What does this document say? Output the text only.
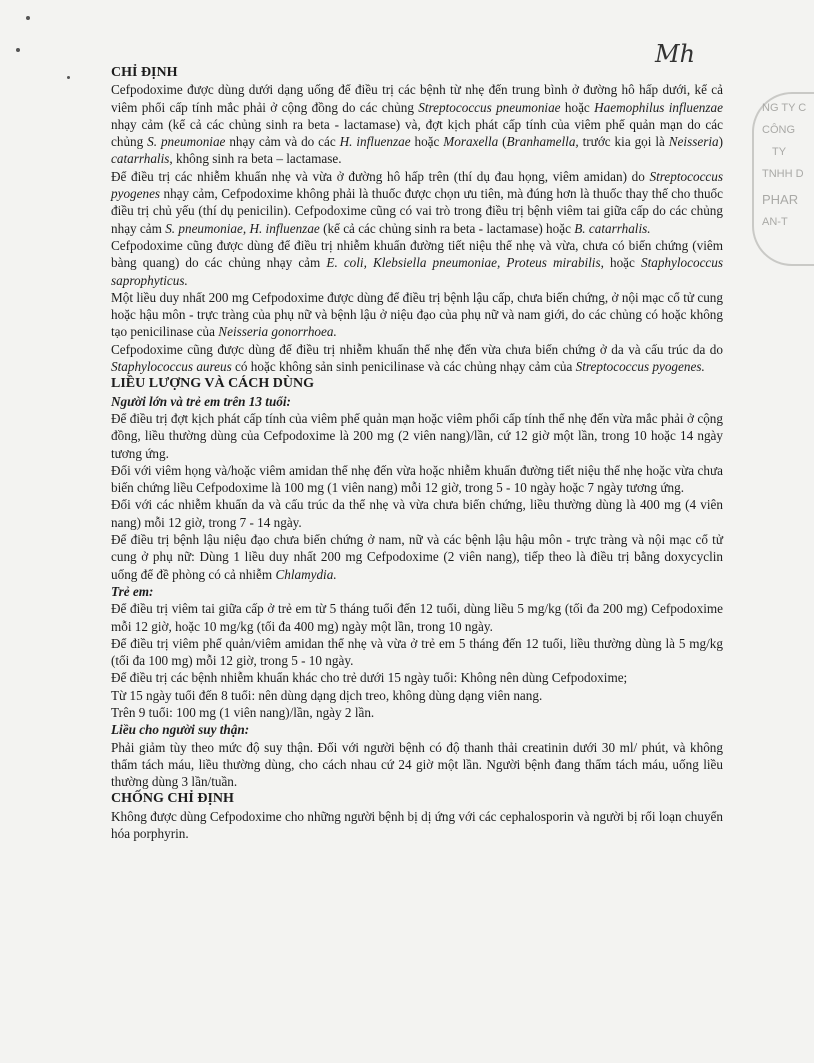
Mh
NG TY C
CÔNG
TY
TNHH D
PHAR
AN-T

CHỈ ĐỊNH

Cefpodoxime được dùng dưới dạng uống để điều trị các bệnh từ nhẹ đến trung bình ở đường hô hấp dưới, kể cả viêm phổi cấp tính mắc phải ở cộng đồng do các chủng Streptococcus pneumoniae hoặc Haemophilus influenzae nhạy cảm (kể cả các chủng sinh ra beta - lactamase) và, đợt kịch phát cấp tính của viêm phế quản mạn do các chủng S. pneumoniae nhạy cảm và do các H. influenzae hoặc Moraxella (Branhamella, trước kia gọi là Neisseria) catarrhalis, không sinh ra beta – lactamase.

Để điều trị các nhiễm khuẩn nhẹ và vừa ở đường hô hấp trên (thí dụ đau họng, viêm amidan) do Streptococcus pyogenes nhạy cảm, Cefpodoxime không phải là thuốc được chọn ưu tiên, mà đúng hơn là thuốc thay thế cho thuốc điều trị chủ yếu (thí dụ penicilin). Cefpodoxime cũng có vai trò trong điều trị bệnh viêm tai giữa cấp do các chủng nhạy cảm S. pneumoniae, H. influenzae (kể cả các chủng sinh ra beta - lactamase) hoặc B. catarrhalis.

Cefpodoxime cũng được dùng để điều trị nhiễm khuẩn đường tiết niệu thể nhẹ và vừa, chưa có biến chứng (viêm bàng quang) do các chủng nhạy cảm E. coli, Klebsiella pneumoniae, Proteus mirabilis, hoặc Staphylococcus saprophyticus.

Một liều duy nhất 200 mg Cefpodoxime được dùng để điều trị bệnh lậu cấp, chưa biến chứng, ở nội mạc cổ tử cung hoặc hậu môn - trực tràng của phụ nữ và bệnh lậu ở niệu đạo của phụ nữ và nam giới, do các chủng có hoặc không tạo penicilinase của Neisseria gonorrhoea.

Cefpodoxime cũng được dùng để điều trị nhiễm khuẩn thể nhẹ đến vừa chưa biến chứng ở da và cấu trúc da do Staphylococcus aureus có hoặc không sản sinh penicilinase và các chủng nhạy cảm của Streptococcus pyogenes.

LIỀU LƯỢNG VÀ CÁCH DÙNG

Người lớn và trẻ em trên 13 tuổi:

Để điều trị đợt kịch phát cấp tính của viêm phế quản mạn hoặc viêm phổi cấp tính thể nhẹ đến vừa mắc phải ở cộng đồng, liều thường dùng của Cefpodoxime là 200 mg (2 viên nang)/lần, cứ 12 giờ một lần, trong 10 hoặc 14 ngày tương ứng.

Đối với viêm họng và/hoặc viêm amidan thể nhẹ đến vừa hoặc nhiễm khuẩn đường tiết niệu thể nhẹ hoặc vừa chưa biến chứng liều Cefpodoxime là 100 mg (1 viên nang) mỗi 12 giờ, trong 5 - 10 ngày hoặc 7 ngày tương ứng.

Đối với các nhiễm khuẩn da và cấu trúc da thể nhẹ và vừa chưa biến chứng, liều thường dùng là 400 mg (4 viên nang) mỗi 12 giờ, trong 7 - 14 ngày.

Để điều trị bệnh lậu niệu đạo chưa biến chứng ở nam, nữ và các bệnh lậu hậu môn - trực tràng và nội mạc cổ tử cung ở phụ nữ: Dùng 1 liều duy nhất 200 mg Cefpodoxime (2 viên nang), tiếp theo là điều trị bằng doxycyclin uống để đề phòng có cả nhiễm Chlamydia.

Trẻ em:

Để điều trị viêm tai giữa cấp ở trẻ em từ 5 tháng tuổi đến 12 tuổi, dùng liều 5 mg/kg (tối đa 200 mg) Cefpodoxime mỗi 12 giờ, hoặc 10 mg/kg (tối đa 400 mg) ngày một lần, trong 10 ngày.

Để điều trị viêm phế quản/viêm amidan thể nhẹ và vừa ở trẻ em 5 tháng đến 12 tuổi, liều thường dùng là 5 mg/kg (tối đa 100 mg) mỗi 12 giờ, trong 5 - 10 ngày.

Để điều trị các bệnh nhiễm khuẩn khác cho trẻ dưới 15 ngày tuổi: Không nên dùng Cefpodoxime;

Từ 15 ngày tuổi đến 8 tuổi: nên dùng dạng dịch treo, không dùng dạng viên nang.

Trên 9 tuổi: 100 mg (1 viên nang)/lần, ngày 2 lần.

Liều cho người suy thận:

Phải giảm tùy theo mức độ suy thận. Đối với người bệnh có độ thanh thải creatinin dưới 30 ml/ phút, và không thẩm tách máu, liều thường dùng, cho cách nhau cứ 24 giờ một lần. Người bệnh đang thẩm tách máu, uống liều thường dùng 3 lần/tuần.

CHỐNG CHỈ ĐỊNH

Không được dùng Cefpodoxime cho những người bệnh bị dị ứng với các cephalosporin và người bị rối loạn chuyển hóa porphyrin.
